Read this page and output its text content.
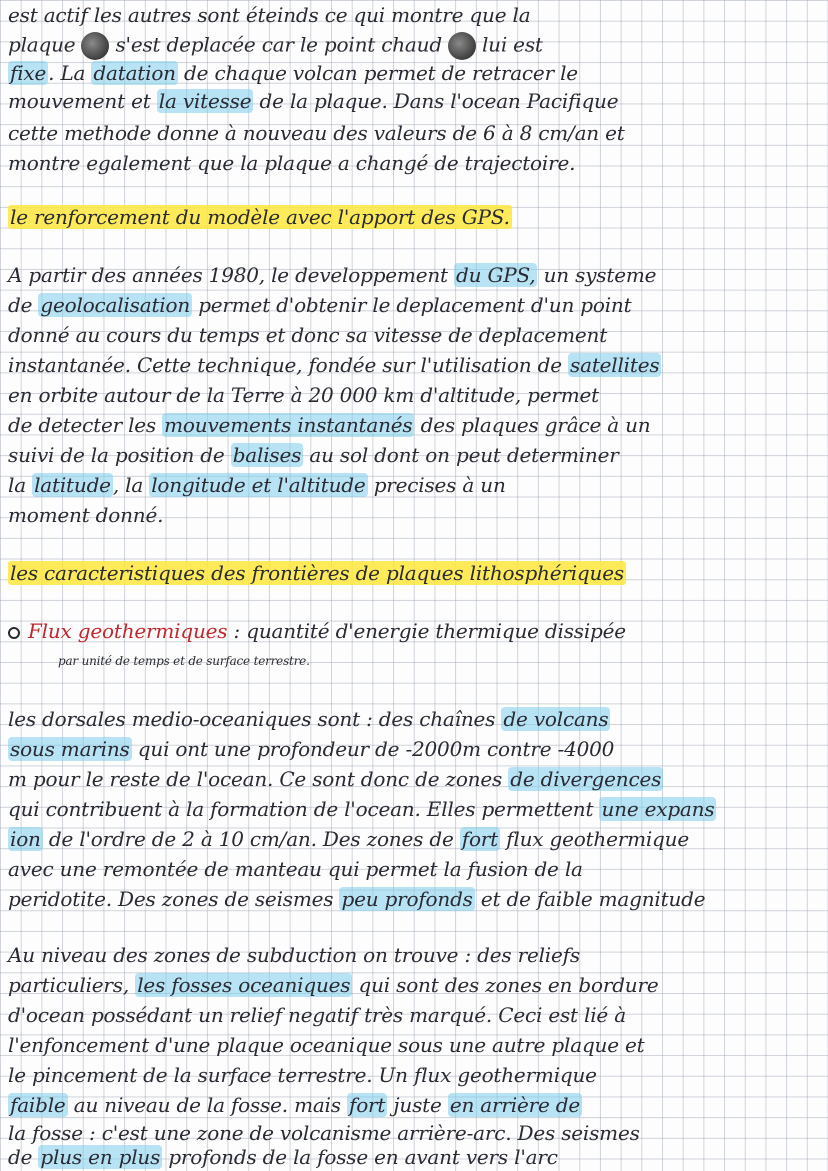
est actif les autres sont éteinds ce qui montre que la
plaque s'est deplacée car le point chaud lui est
fixe . La datation de chaque volcan permet de retracer le
mouvement et la vitesse de la plaque. Dans l'ocean Pacifique
cette methode donne à nouveau des valeurs de 6 à 8 cm/an et
montre egalement que la plaque a changé de trajectoire.
le renforcement du modèle avec l'apport des GPS.
A partir des années 1980, le developpement du GPS, un systeme
de geolocalisation permet d'obtenir le deplacement d'un point
donné au cours du temps et donc sa vitesse de deplacement
instantanée. Cette technique, fondée sur l'utilisation de satellites
en orbite autour de la Terre à 20 000 km d'altitude, permet
de detecter les mouvements instantanés des plaques grâce à un
suivi de la position de balises au sol dont on peut determiner
la latitude , la longitude et l'altitude precises à un
moment donné.
les caracteristiques des frontières de plaques lithosphériques
Flux geothermiques : quantité d'energie thermique dissipée
par unité de temps et de surface terrestre.
les dorsales medio-oceaniques sont : des chaînes de volcans
sous marins qui ont une profondeur de -2000m contre -4000
m pour le reste de l'ocean. Ce sont donc de zones de divergences
qui contribuent à la formation de l'ocean. Elles permettent une expans
ion de l'ordre de 2 à 10 cm/an. Des zones de fort flux geothermique
avec une remontée de manteau qui permet la fusion de la
peridotite. Des zones de seismes peu profonds et de faible magnitude
Au niveau des zones de subduction on trouve : des reliefs
particuliers, les fosses oceaniques qui sont des zones en bordure
d'ocean possédant un relief negatif très marqué. Ceci est lié à
l'enfoncement d'une plaque oceanique sous une autre plaque et
le pincement de la surface terrestre. Un flux geothermique
faible au niveau de la fosse. mais fort juste en arrière de
la fosse : c'est une zone de volcanisme arrière-arc. Des seismes
de plus en plus profonds de la fosse en avant vers l'arc
